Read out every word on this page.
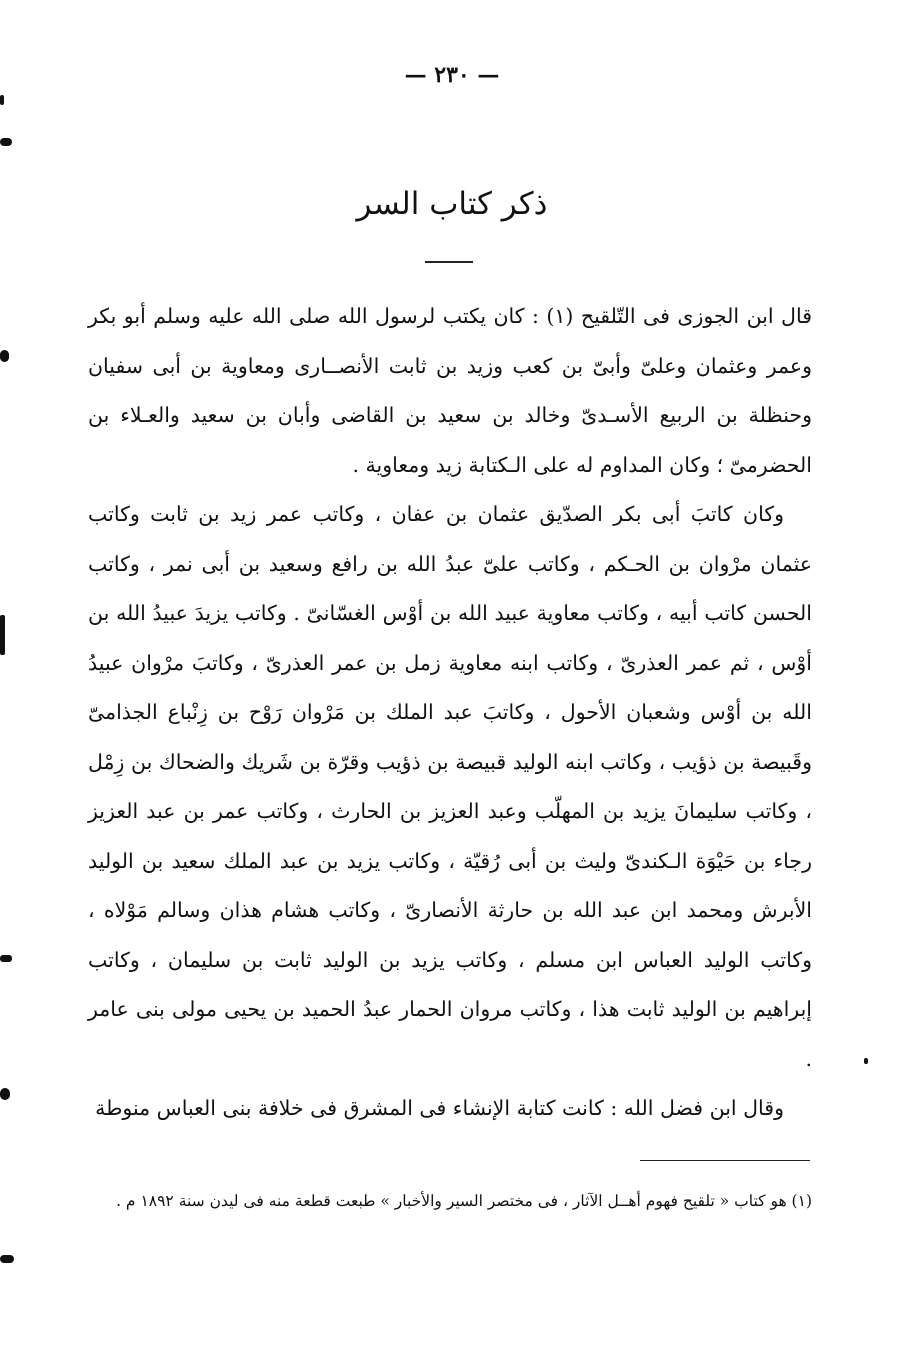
— ٢٣٠ —
ذكر كتاب السر

قال ابن الجوزى فى التّلقيح (١) : كان يكتب لرسول الله صلى الله عليه وسلم أبو بكر وعمر وعثمان وعلىّ وأبىّ بن كعب وزيد بن ثابت الأنصــارى ومعاوية بن أبى سفيان وحنظلة بن الربيع الأسـدىّ وخالد بن سعيد بن القاضى وأبان بن سعيد والعـلاء بن الحضرمىّ ؛ وكان المداوم له على الـكتابة زيد ومعاوية .

وكان كاتبَ أبى بكر الصدّيق عثمان بن عفان ، وكاتب عمر زيد بن ثابت وكاتب عثمان مرْوان بن الحـكم ، وكاتب علىّ عبدُ الله بن رافع وسعيد بن أبى نمر ، وكاتب الحسن كاتب أبيه ، وكاتب معاوية عبيد الله بن أوْس الغسّانىّ . وكاتب يزيدَ عبيدُ الله بن أوْس ، ثم عمر العذرىّ ، وكاتب ابنه معاوية زمل بن عمر العذرىّ ، وكاتبَ مرْوان عبيدُ الله بن أوْس وشعبان الأحول ، وكاتبَ عبد الملك بن مَرْوان رَوْح بن زِنْباع الجذامىّ وقَبيصة بن ذؤيب ، وكاتب ابنه الوليد قبيصة بن ذؤيب وقرّة بن شَريك والضحاك بن زِمْل ، وكاتب سليمانَ يزيد بن المهلّب وعبد العزيز بن الحارث ، وكاتب عمر بن عبد العزيز رجاء بن حَيْوَة الـكندىّ وليث بن أبى رُقيّة ، وكاتب يزيد بن عبد الملك سعيد بن الوليد الأبرش ومحمد ابن عبد الله بن حارثة الأنصارىّ ، وكاتب هشام هذان وسالم مَوْلاه ، وكاتب الوليد العباس ابن مسلم ، وكاتب يزيد بن الوليد ثابت بن سليمان ، وكاتب إبراهيم بن الوليد ثابت هذا ، وكاتب مروان الحمار عبدُ الحميد بن يحيى مولى بنى عامر .

وقال ابن فضل الله : كانت كتابة الإنشاء فى المشرق فى خلافة بنى العباس منوطة

(١) هو كتاب « تلقيح فهوم أهــل الآثار ، فى مختصر السير والأخبار » طبعت قطعة منه فى ليدن سنة ١٨٩٢ م .
